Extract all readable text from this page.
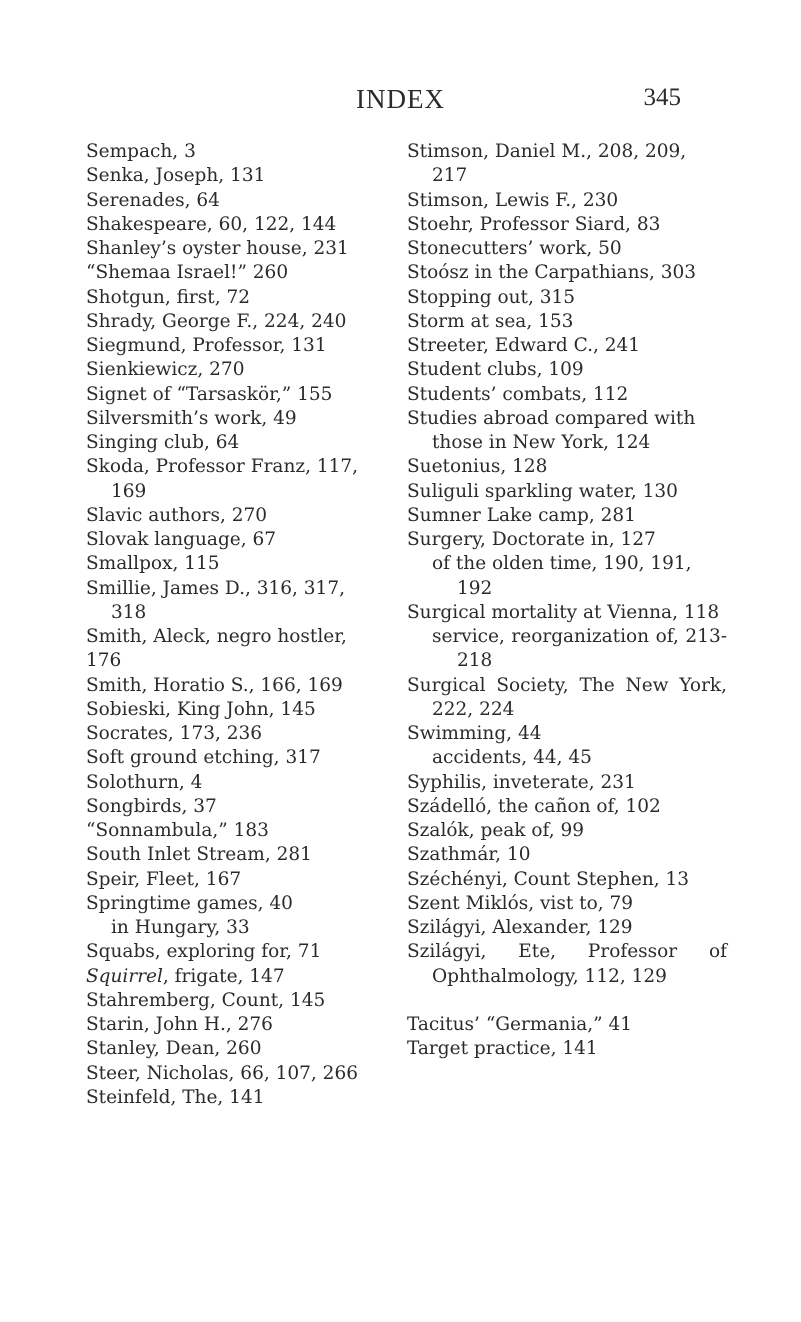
INDEX	345
Sempach, 3
Senka, Joseph, 131
Serenades, 64
Shakespeare, 60, 122, 144
Shanley’s oyster house, 231
“Shemaa Israel!” 260
Shotgun, first, 72
Shrady, George F., 224, 240
Siegmund, Professor, 131
Sienkiewicz, 270
Signet of “Tarsaskör,” 155
Silversmith’s work, 49
Singing club, 64
Skoda, Professor Franz, 117, 169
Slavic authors, 270
Slovak language, 67
Smallpox, 115
Smillie, James D., 316, 317, 318
Smith, Aleck, negro hostler, 176
Smith, Horatio S., 166, 169
Sobieski, King John, 145
Socrates, 173, 236
Soft ground etching, 317
Solothurn, 4
Songbirds, 37
“Sonnambula,” 183
South Inlet Stream, 281
Speir, Fleet, 167
Springtime games, 40
in Hungary, 33
Squabs, exploring for, 71
Squirrel, frigate, 147
Stahremberg, Count, 145
Starin, John H., 276
Stanley, Dean, 260
Steer, Nicholas, 66, 107, 266
Steinfeld, The, 141
Stimson, Daniel M., 208, 209, 217
Stimson, Lewis F., 230
Stoehr, Professor Siard, 83
Stonecutters’ work, 50
Stoósz in the Carpathians, 303
Stopping out, 315
Storm at sea, 153
Streeter, Edward C., 241
Student clubs, 109
Students’ combats, 112
Studies abroad compared with those in New York, 124
Suetonius, 128
Suliguli sparkling water, 130
Sumner Lake camp, 281
Surgery, Doctorate in, 127
of the olden time, 190, 191, 192
Surgical mortality at Vienna, 118
service, reorganization of, 213-218
Surgical Society, The New York, 222, 224
Swimming, 44
accidents, 44, 45
Syphilis, inveterate, 231
Szádelló, the cañon of, 102
Szalók, peak of, 99
Szathmár, 10
Széchényi, Count Stephen, 13
Szent Miklós, vist to, 79
Szilágyi, Alexander, 129
Szilágyi, Ete, Professor of Ophthalmology, 112, 129
Tacitus’ “Germania,” 41
Target practice, 141
